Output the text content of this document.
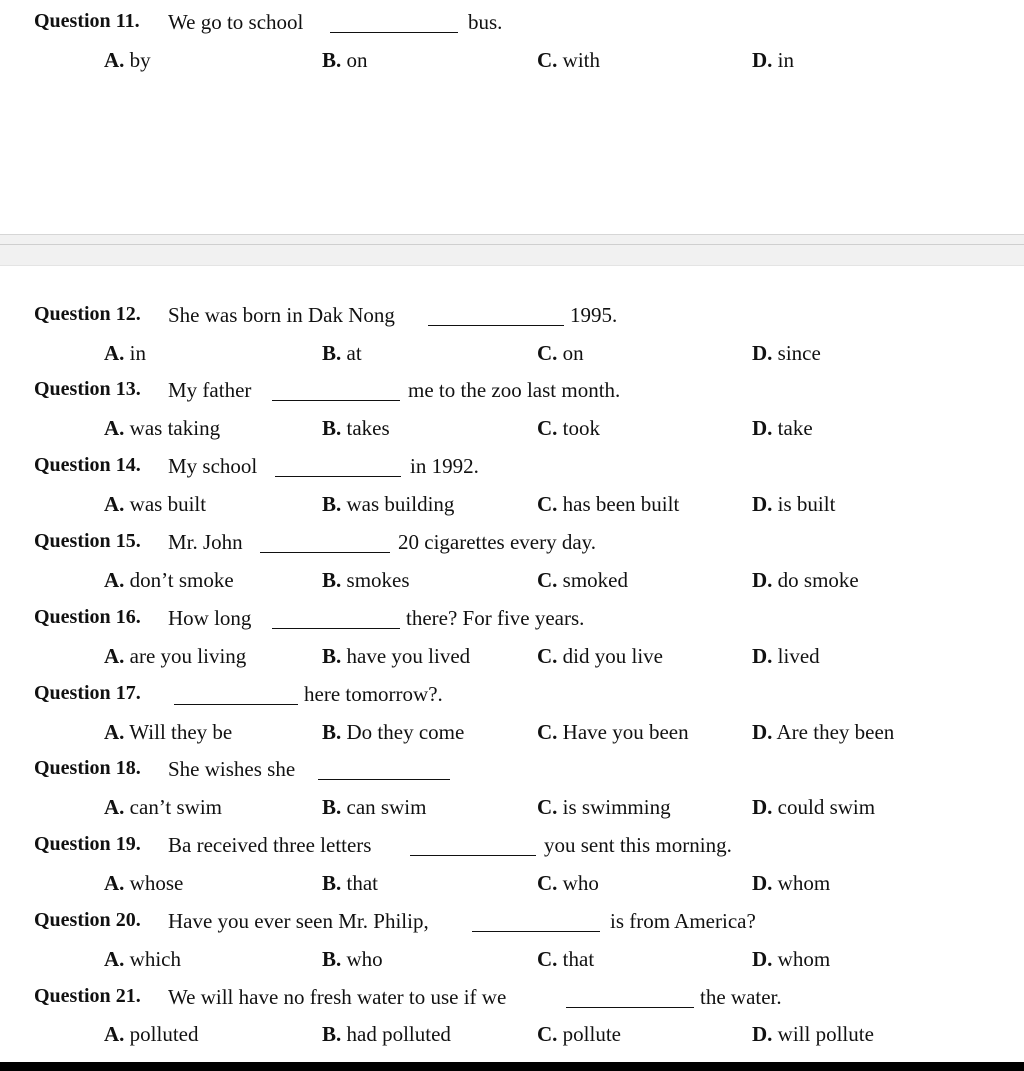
Question 11. We go to school	bus.
A. by	B. on	C. with	D. in
Question 12. She was born in Dak Nong	1995.
A. in	B. at	C. on	D. since
Question 13. My father	me to the zoo last month.
A. was taking	B. takes	C. took	D. take
Question 14. My school	in 1992.
A. was built	B. was building	C. has been built	D. is built
Question 15. Mr. John	20 cigarettes every day.
A. don’t smoke	B. smokes	C. smoked	D. do smoke
Question 16. How long	there? For five years.
A. are you living	B. have you lived	C. did you live	D. lived
Question 17.	here tomorrow?.
A. Will they be	B. Do they come	C. Have you been	D. Are they been
Question 18. She wishes she
A. can’t swim	B. can swim	C. is swimming	D. could swim
Question 19. Ba received three letters	you sent this morning.
A. whose	B. that	C. who	D. whom
Question 20. Have you ever seen Mr. Philip,	is from America?
A. which	B. who	C. that	D. whom
Question 21. We will have no fresh water to use if we	the water.
A. polluted	B. had polluted	C. pollute	D. will pollute
